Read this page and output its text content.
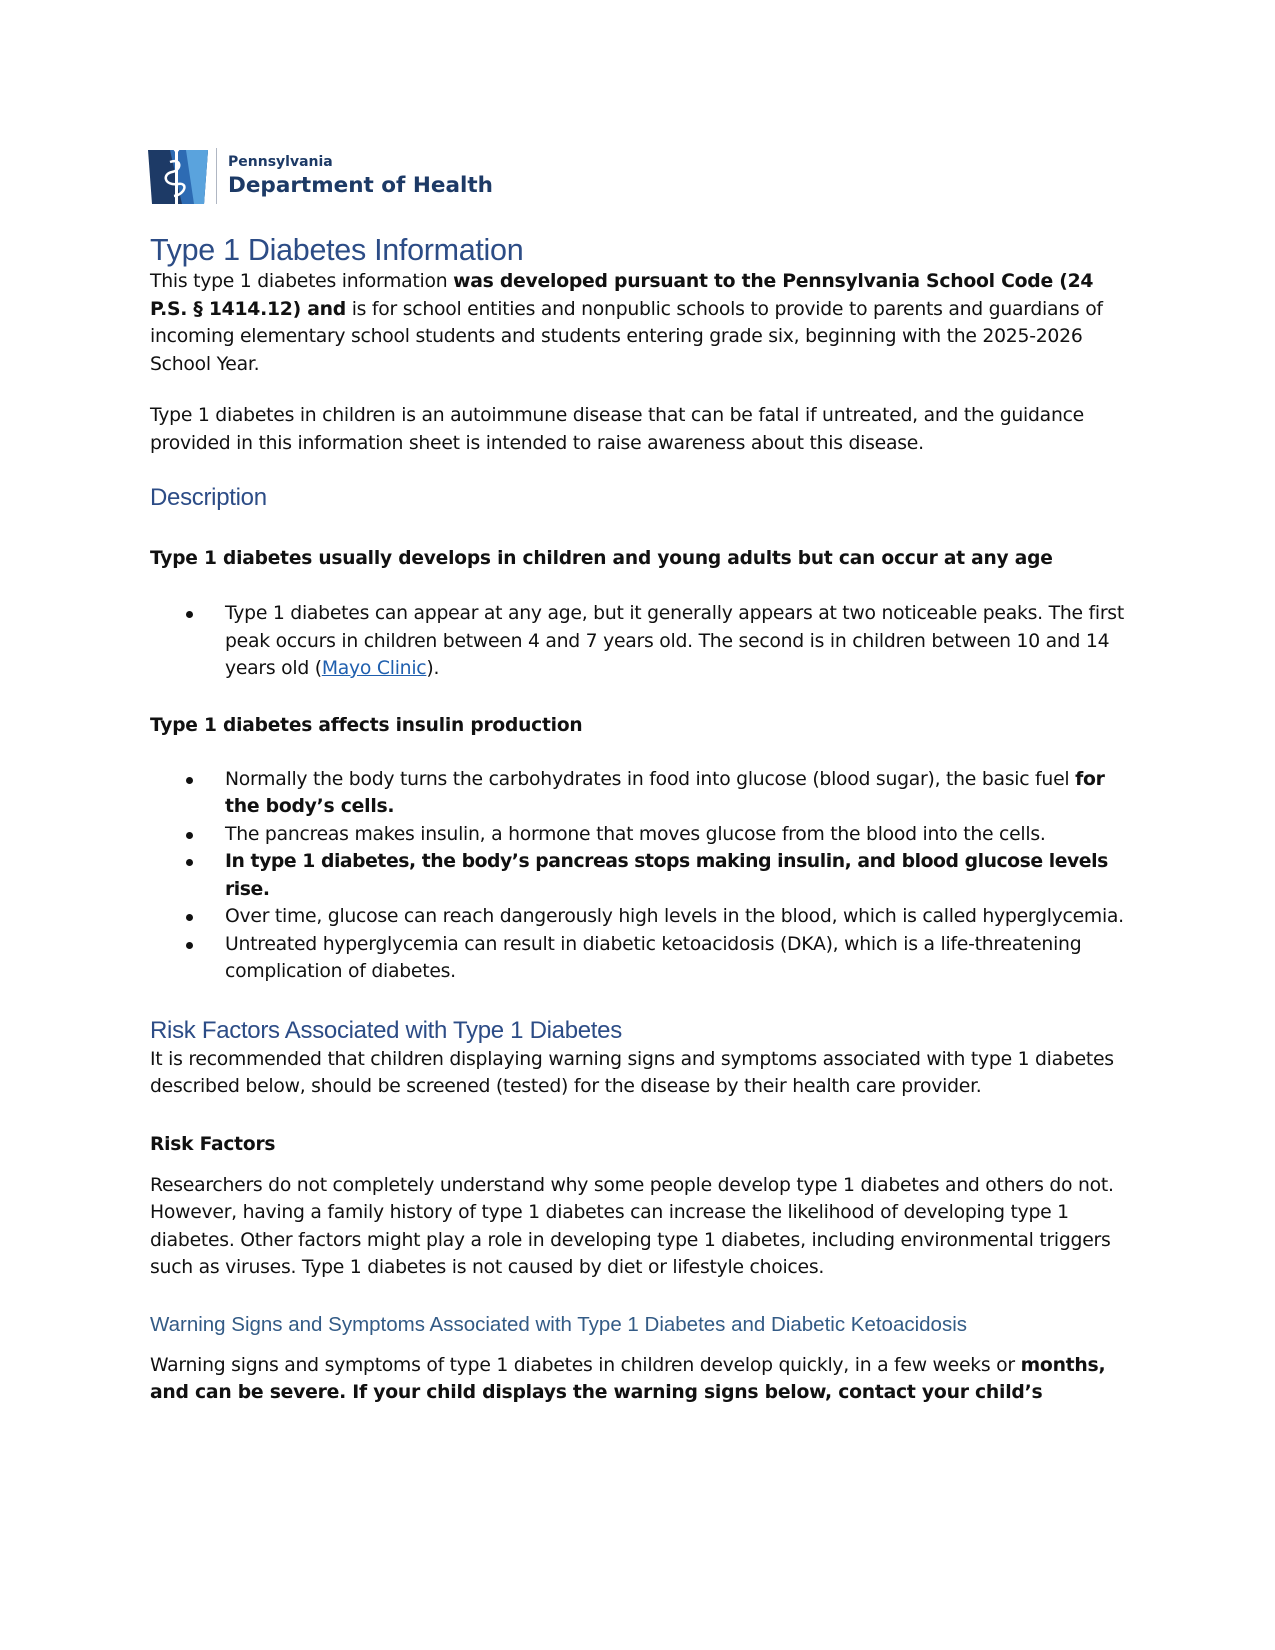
Pennsylvania
Department of Health
Type 1 Diabetes Information

This type 1 diabetes information was developed pursuant to the Pennsylvania School Code (24 P.S. § 1414.12) and is for school entities and nonpublic schools to provide to parents and guardians of incoming elementary school students and students entering grade six, beginning with the 2025-2026 School Year.

Type 1 diabetes in children is an autoimmune disease that can be fatal if untreated, and the guidance provided in this information sheet is intended to raise awareness about this disease.

Description

Type 1 diabetes usually develops in children and young adults but can occur at any age

Type 1 diabetes can appear at any age, but it generally appears at two noticeable peaks. The first peak occurs in children between 4 and 7 years old. The second is in children between 10 and 14 years old (Mayo Clinic).

Type 1 diabetes affects insulin production

Normally the body turns the carbohydrates in food into glucose (blood sugar), the basic fuel for the body’s cells.
The pancreas makes insulin, a hormone that moves glucose from the blood into the cells.
In type 1 diabetes, the body’s pancreas stops making insulin, and blood glucose levels rise.
Over time, glucose can reach dangerously high levels in the blood, which is called hyperglycemia.
Untreated hyperglycemia can result in diabetic ketoacidosis (DKA), which is a life-threatening complication of diabetes.
Risk Factors Associated with Type 1 Diabetes

It is recommended that children displaying warning signs and symptoms associated with type 1 diabetes described below, should be screened (tested) for the disease by their health care provider.

Risk Factors

Researchers do not completely understand why some people develop type 1 diabetes and others do not. However, having a family history of type 1 diabetes can increase the likelihood of developing type 1 diabetes. Other factors might play a role in developing type 1 diabetes, including environmental triggers such as viruses. Type 1 diabetes is not caused by diet or lifestyle choices.

Warning Signs and Symptoms Associated with Type 1 Diabetes and Diabetic Ketoacidosis

Warning signs and symptoms of type 1 diabetes in children develop quickly, in a few weeks or months, and can be severe. If your child displays the warning signs below, contact your child’s
